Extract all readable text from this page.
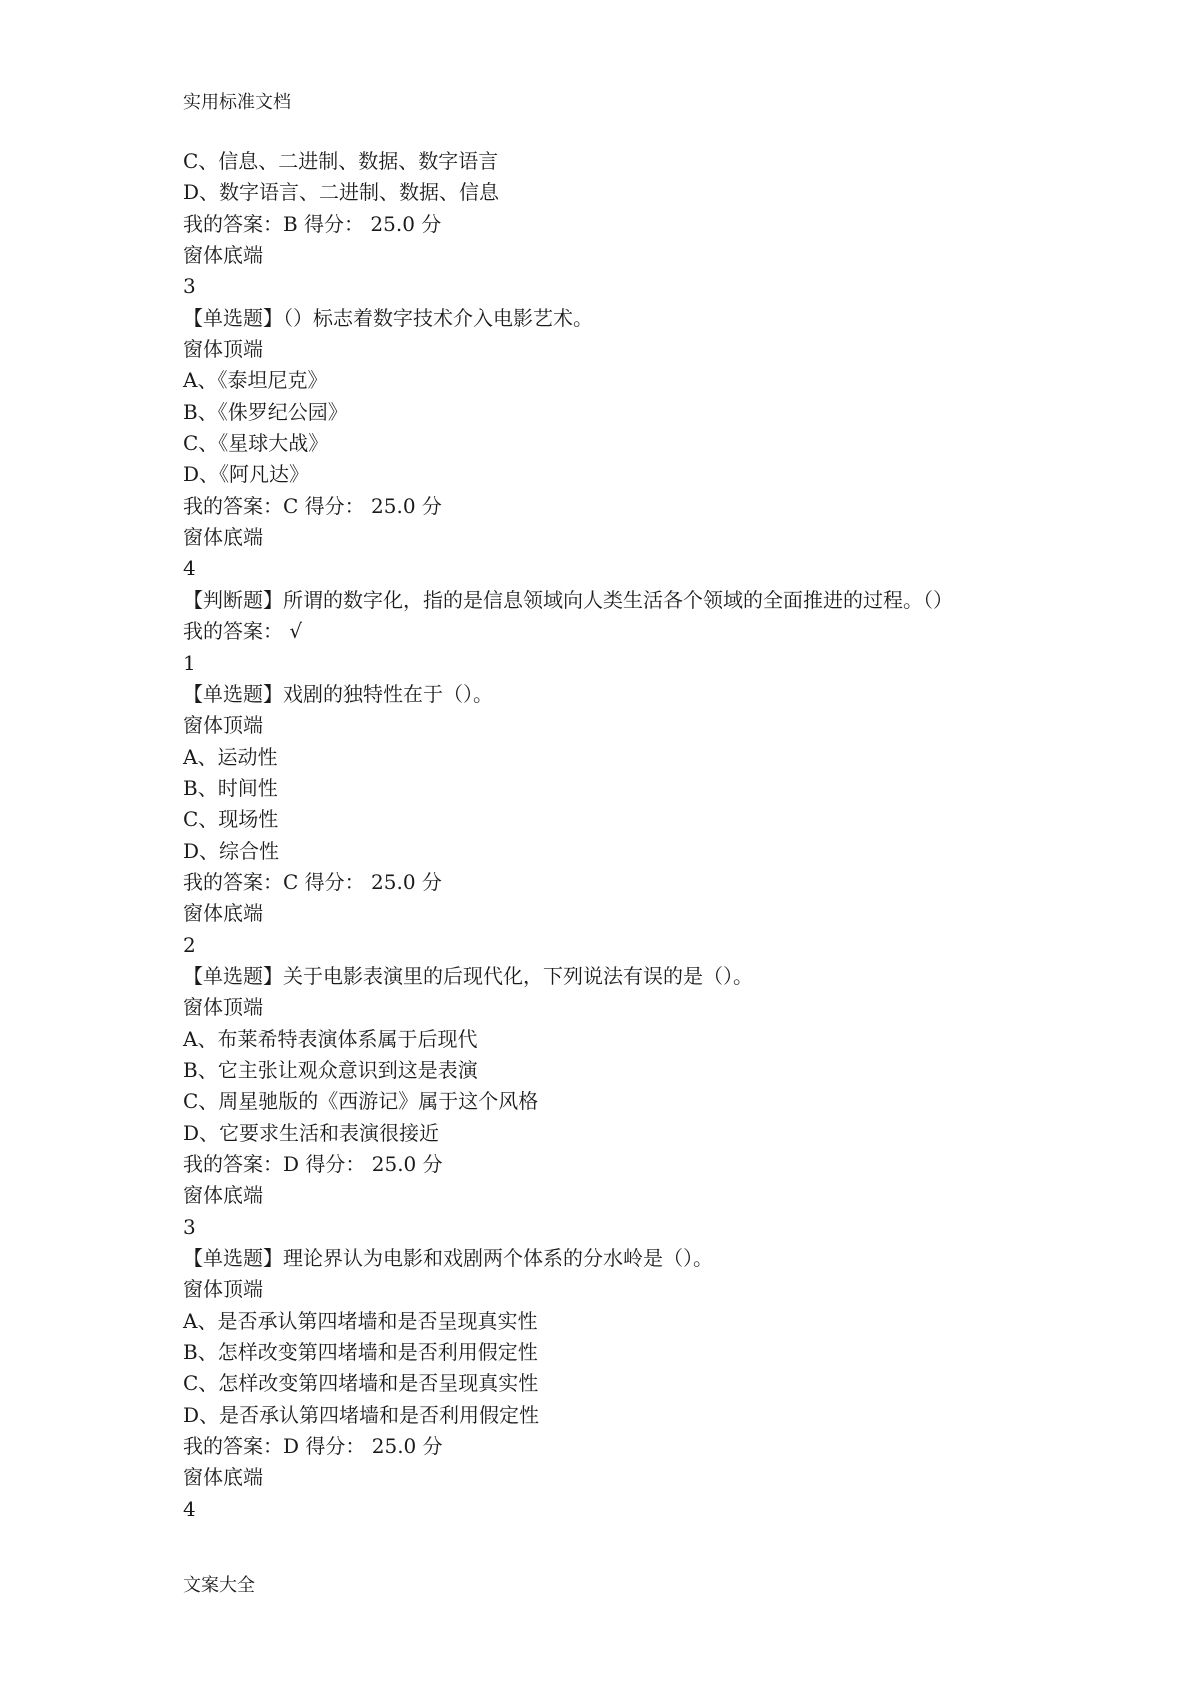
实用标准文档
C、信息、二进制、数据、数字语言
D、数字语言、二进制、数据、信息
我的答案：B 得分： 25.0 分
窗体底端
3
【单选题】（）标志着数字技术介入电影艺术。
窗体顶端
A、《泰坦尼克》
B、《侏罗纪公园》
C、《星球大战》
D、《阿凡达》
我的答案：C 得分： 25.0 分
窗体底端
4
【判断题】所谓的数字化，指的是信息领域向人类生活各个领域的全面推进的过程。（）
我的答案： √
1
【单选题】戏剧的独特性在于（）。
窗体顶端
A、运动性
B、时间性
C、现场性
D、综合性
我的答案：C 得分： 25.0 分
窗体底端
2
【单选题】关于电影表演里的后现代化，下列说法有误的是（）。
窗体顶端
A、布莱希特表演体系属于后现代
B、它主张让观众意识到这是表演
C、周星驰版的《西游记》属于这个风格
D、它要求生活和表演很接近
我的答案：D 得分： 25.0 分
窗体底端
3
【单选题】理论界认为电影和戏剧两个体系的分水岭是（）。
窗体顶端
A、是否承认第四堵墙和是否呈现真实性
B、怎样改变第四堵墙和是否利用假定性
C、怎样改变第四堵墙和是否呈现真实性
D、是否承认第四堵墙和是否利用假定性
我的答案：D 得分： 25.0 分
窗体底端
4
文案大全
